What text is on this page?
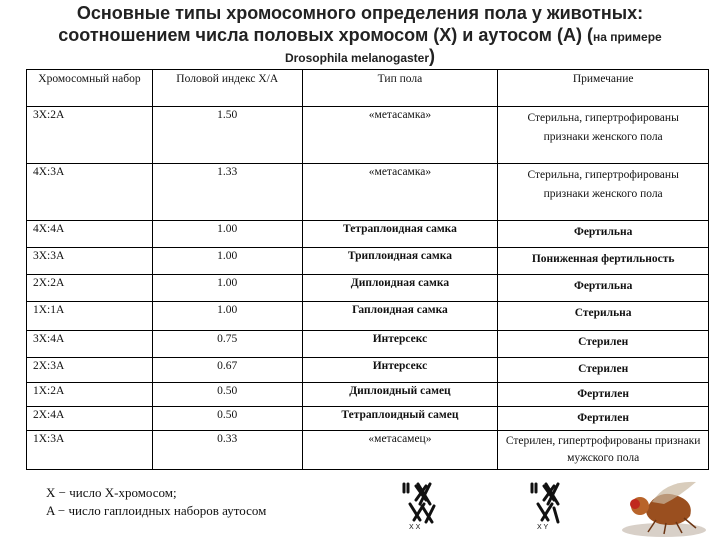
Основные типы хромосомного определения пола у животных:
соотношением числа половых хромосом (X) и аутосом (A) (на примере
Drosophila melanogaster)
Хромосомный набор	Половой индекс X/A	Тип пола	Примечание
3X:2A	1.50	«метасамка»	Стерильна, гипертрофированы признаки женского пола
4X:3A	1.33	«метасамка»	Стерильна, гипертрофированы признаки женского пола
4X:4A	1.00	Тетраплоидная самка	Фертильна
3X:3A	1.00	Триплоидная самка	Пониженная фертильность
2X:2A	1.00	Диплоидная самка	Фертильна
1X:1A	1.00	Гаплоидная самка	Стерильна
3X:4A	0.75	Интерсекс	Стерилен
2X:3A	0.67	Интерсекс	Стерилен
1X:2A	0.50	Диплоидный самец	Фертилен
2X:4A	0.50	Тетраплоидный самец	Фертилен
1X:3A	0.33	«метасамец»	Стерилен, гипертрофированы признаки мужского пола
X − число X-хромосом;
A − число гаплоидных наборов аутосом
X X	X Y
